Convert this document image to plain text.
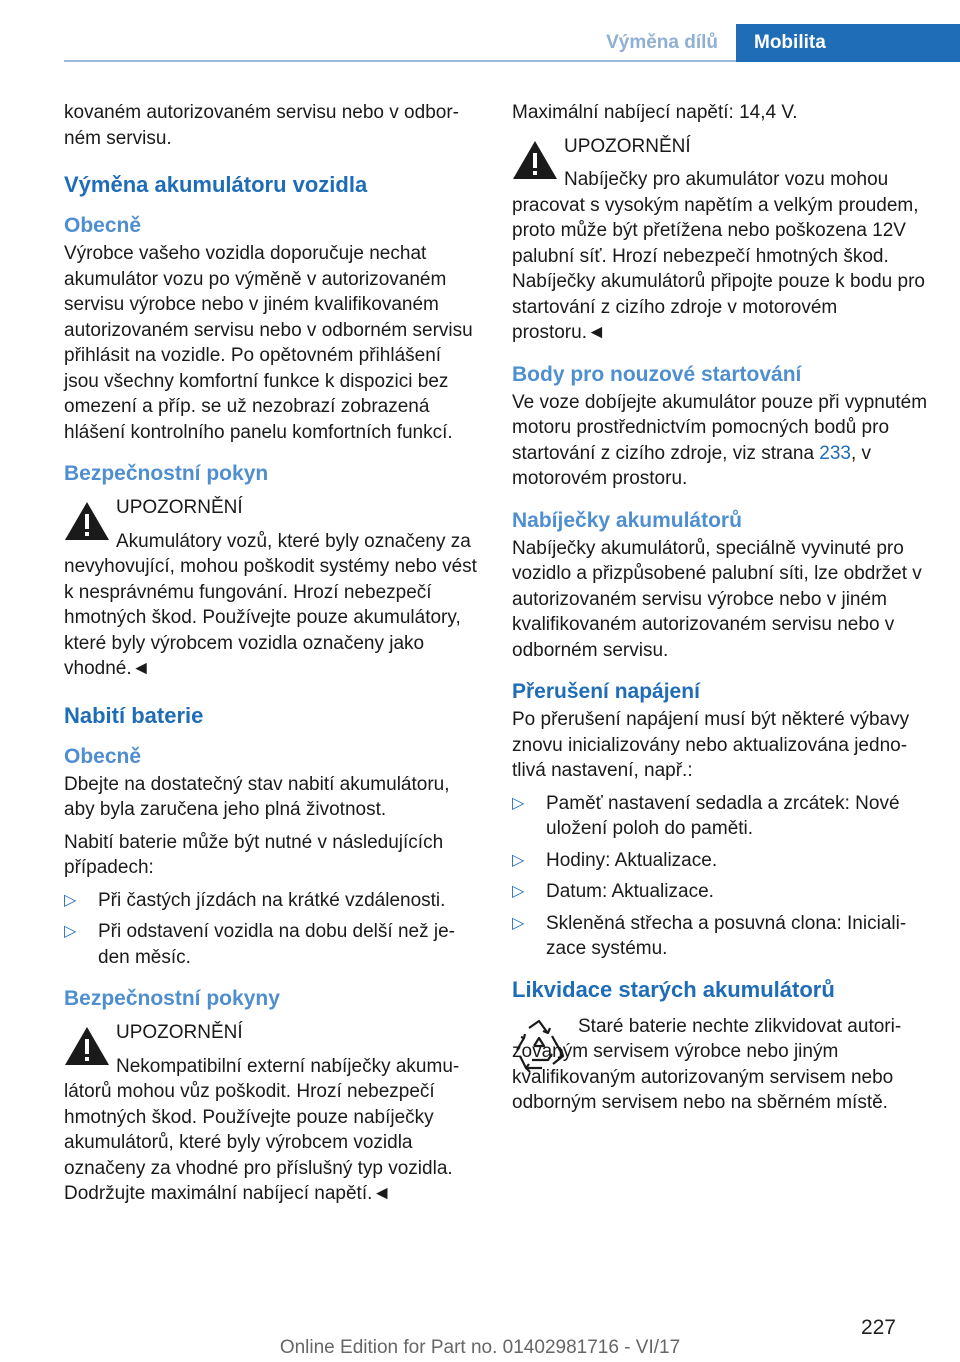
Výměna dílů	Mobilita

kovaném autorizovaném servisu nebo v odborném servisu.

Výměna akumulátoru vozidla
Obecně

Výrobce vašeho vozidla doporučuje nechat akumulátor vozu po výměně v autorizovaném servisu výrobce nebo v jiném kvalifikovaném autorizovaném servisu nebo v odborném servisu přihlásit na vozidle. Po opětovném přihlášení jsou všechny komfortní funkce k dispozici bez omezení a příp. se už nezobrazí zobrazená hlášení kontrolního panelu komfortních funkcí.

Bezpečnostní pokyn
UPOZORNĚNÍ

Akumulátory vozů, které byly označeny za nevyhovující, mohou poškodit systémy nebo vést k nesprávnému fungování. Hrozí nebezpečí hmotných škod. Používejte pouze akumulátory, které byly výrobcem vozidla označeny jako vhodné.◄

Nabití baterie
Obecně

Dbejte na dostatečný stav nabití akumulátoru, aby byla zaručena jeho plná životnost.

Nabití baterie může být nutné v následujících případech:

▷ Při častých jízdách na krátké vzdálenosti.
▷ Při odstavení vozidla na dobu delší než jeden měsíc.
Bezpečnostní pokyny
UPOZORNĚNÍ

Nekompatibilní externí nabíječky akumulátorů mohou vůz poškodit. Hrozí nebezpečí hmotných škod. Používejte pouze nabíječky akumulátorů, které byly výrobcem vozidla označeny za vhodné pro příslušný typ vozidla. Dodržujte maximální nabíjecí napětí.◄

Maximální nabíjecí napětí: 14,4 V.

UPOZORNĚNÍ

Nabíječky pro akumulátor vozu mohou pracovat s vysokým napětím a velkým proudem, proto může být přetížena nebo poškozena 12V palubní síť. Hrozí nebezpečí hmotných škod. Nabíječky akumulátorů připojte pouze k bodu pro startování z cizího zdroje v motorovém prostoru.◄

Body pro nouzové startování

Ve voze dobíjejte akumulátor pouze při vypnutém motoru prostřednictvím pomocných bodů pro startování z cizího zdroje, viz strana 233, v motorovém prostoru.

Nabíječky akumulátorů

Nabíječky akumulátorů, speciálně vyvinuté pro vozidlo a přizpůsobené palubní síti, lze obdržet v autorizovaném servisu výrobce nebo v jiném kvalifikovaném autorizovaném servisu nebo v odborném servisu.

Přerušení napájení

Po přerušení napájení musí být některé výbavy znovu inicializovány nebo aktualizována jednotlivá nastavení, např.:

▷ Paměť nastavení sedadla a zrcátek: Nové uložení poloh do paměti.
▷ Hodiny: Aktualizace.
▷ Datum: Aktualizace.
▷ Skleněná střecha a posuvná clona: Inicializace systému.
Likvidace starých akumulátorů

Staré baterie nechte zlikvidovat autorizovaným servisem výrobce nebo jiným kvalifikovaným autorizovaným servisem nebo odborným servisem nebo na sběrném místě.

227
Online Edition for Part no. 01402981716 - VI/17
